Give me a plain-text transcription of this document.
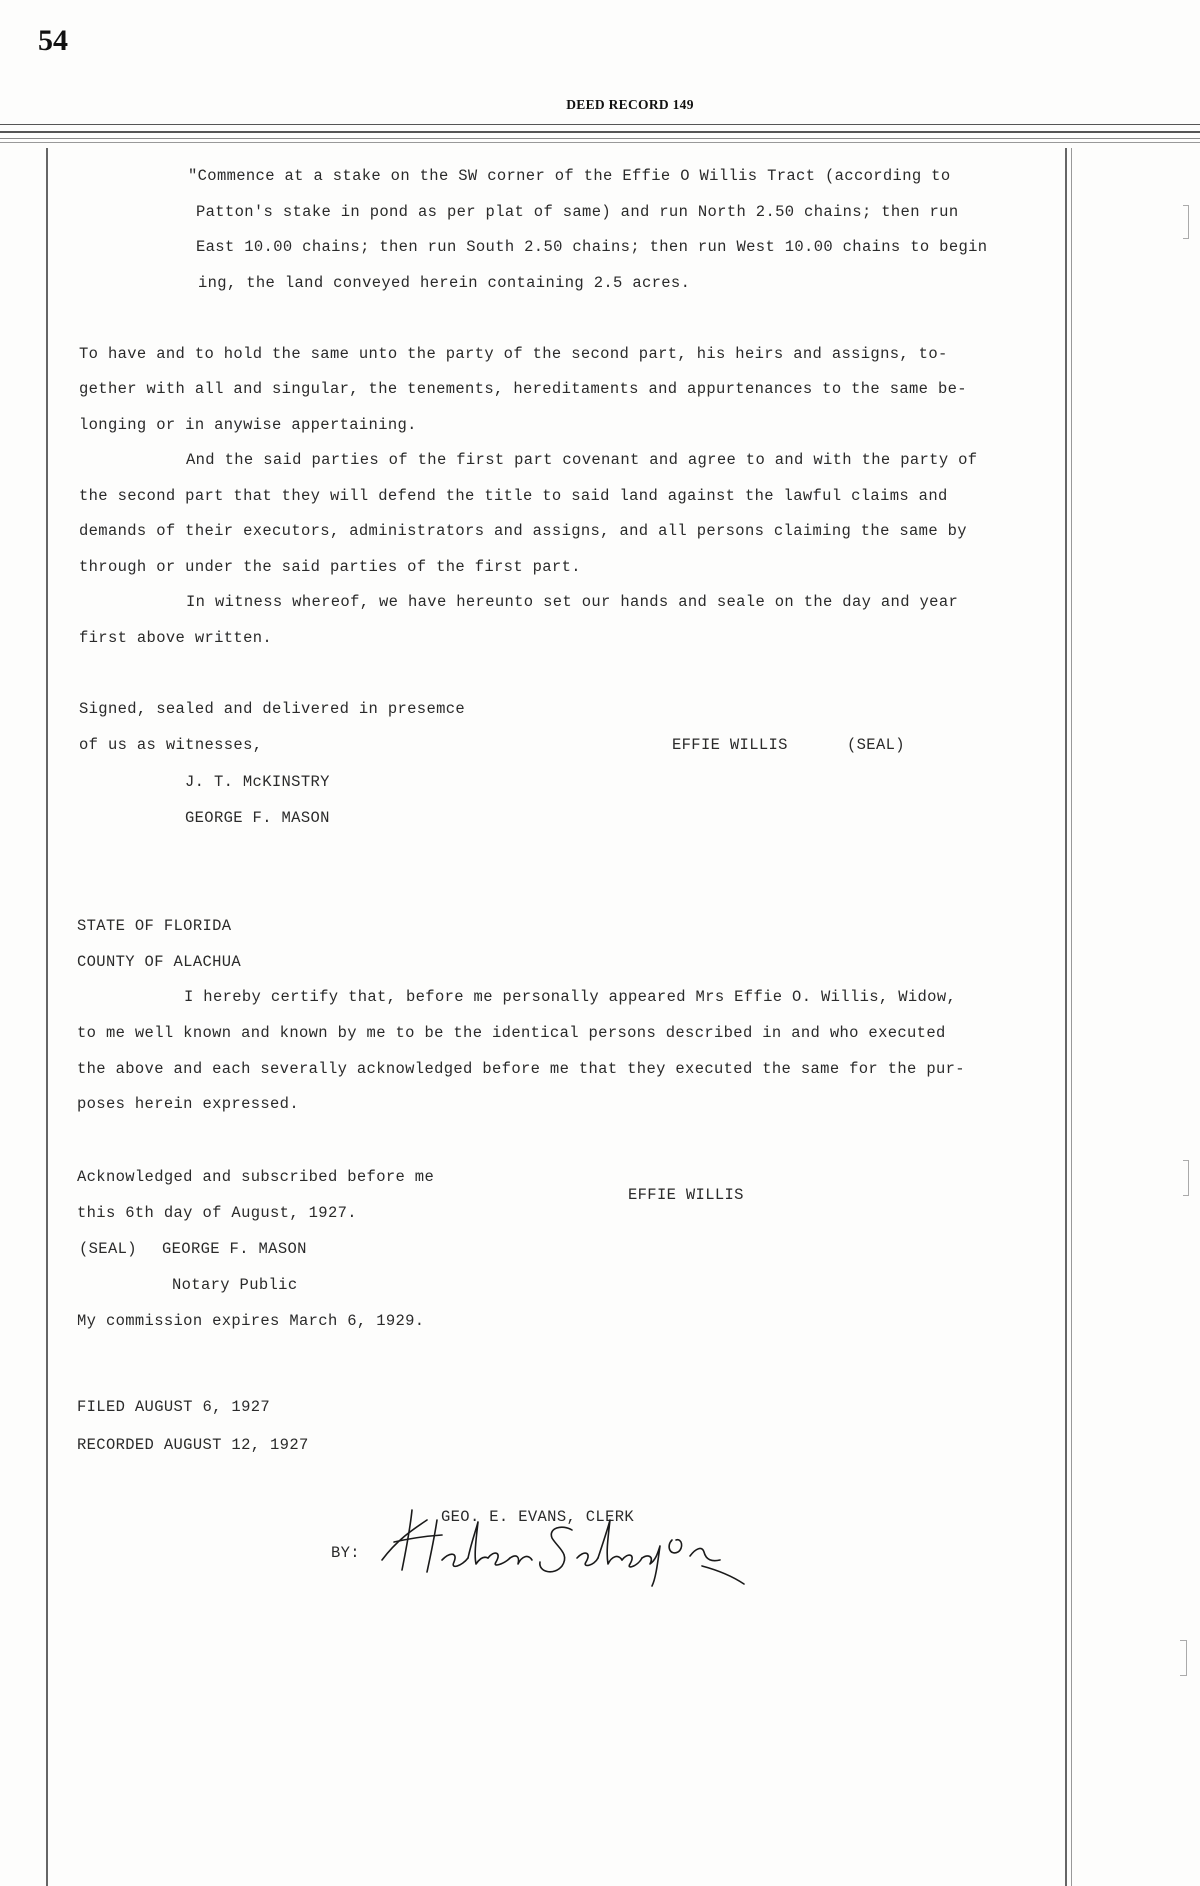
54
DEED RECORD 149
"Commence at a stake on the SW corner of the Effie O Willis Tract (according to
Patton's stake in pond as per plat of same) and run North 2.50 chains; then run
East 10.00 chains; then run South 2.50 chains; then run West 10.00 chains to begin
ing, the land conveyed herein containing 2.5 acres.
To have and to hold the same unto the party of the second part, his heirs and assigns, to-
gether with all and singular, the tenements, hereditaments and appurtenances to the same be-
longing or in anywise appertaining.
And the said parties of the first part covenant and agree to and with the party of
the second part that they will defend the title to said land against the lawful claims and
demands of their executors, administrators and assigns, and all persons claiming the same by
through or under the said parties of the first part.
In witness whereof, we have hereunto set our hands and seale on the day and year
first above written.
Signed, sealed and delivered in presemce
of us as witnesses,	EFFIE WILLIS	(SEAL)
J. T. McKINSTRY
GEORGE F. MASON
STATE OF FLORIDA
COUNTY OF ALACHUA
I hereby certify that, before me personally appeared Mrs Effie O. Willis, Widow,
to me well known and known by me to be the identical persons described in and who executed
the above and each severally acknowledged before me that they executed the same for the pur-
poses herein expressed.
Acknowledged and subscribed before me
this 6th day of August, 1927.
EFFIE WILLIS
(SEAL) GEORGE F. MASON
Notary Public
My commission expires March 6, 1929.
FILED AUGUST 6, 1927
RECORDED AUGUST 12, 1927
GEO. E. EVANS, CLERK
BY:
